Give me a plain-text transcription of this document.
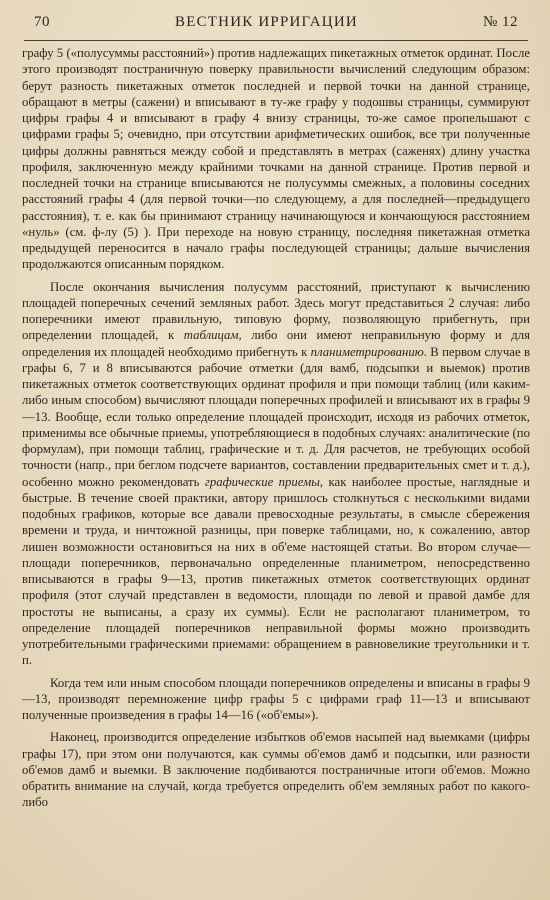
70	ВЕСТНИК ИРРИГАЦИИ	№ 12

графу 5 («полусуммы расстояний») против надлежащих пикетажных отметок ординат. После этого производят постраничную поверку правильности вычислений следующим образом: берут разность пикетажных отметок последней и первой точки на данной странице, обращают в метры (сажени) и вписывают в ту-же графу у подошвы страницы, суммируют цифры графы 4 и вписывают в графу 4 внизу страницы, то-же самое пропельшают с цифрами графы 5; очевидно, при отсутствии арифметических ошибок, все три полученные цифры должны равняться между собой и представлять в метрах (саженях) длину участка профиля, заключенную между крайними точками на данной странице. Против первой и последней точки на странице вписываются не полусуммы смежных, а половины соседних расстояний графы 4 (для первой точки—по следующему, а для последней—предыдущего расстояния), т. е. как бы принимают страницу начинающуюся и кончающуюся расстоянием «нуль» (см. ф-лу (5) ). При переходе на новую страницу, последняя пикетажная отметка предыдущей переносится в начало графы последующей страницы; дальше вычисления продолжаются описанным порядком.

После окончания вычисления полусумм расстояний, приступают к вычислению площадей поперечных сечений земляных работ. Здесь могут представиться 2 случая: либо поперечники имеют правильную, типовую форму, позволяющую прибегнуть, при определении площадей, к таблицам, либо они имеют неправильную форму и для определения их площадей необходимо прибегнуть к планиметрированию. В первом случае в графы 6, 7 и 8 вписываются рабочие отметки (для вамб, подсыпки и выемок) против пикетажных отметок соответствующих ординат профиля и при помощи таблиц (или каким-либо иным способом) вычисляют площади поперечных профилей и вписывают их в графы 9—13. Вообще, если только определение площадей происходит, исходя из рабочих отметок, применимы все обычные приемы, употребляющиеся в подобных случаях: аналитические (по формулам), при помощи таблиц, графические и т. д. Для расчетов, не требующих особой точности (напр., при беглом подсчете вариантов, составлении предварительных смет и т. д.), особенно можно рекомендовать графические приемы, как наиболее простые, наглядные и быстрые. В течение своей практики, автору пришлось столкнуться с несколькими видами подобных графиков, которые все давали превосходные результаты, в смысле сбережения времени и труда, и ничтожной разницы, при поверке таблицами, но, к сожалению, автор лишен возможности остановиться на них в об'еме настоящей статьи. Во втором случае—площади поперечников, первоначально определенные планиметром, непосредственно вписываются в графы 9—13, против пикетажных отметок соответствующих ординат профиля (этот случай представлен в ведомости, площади по левой и правой дамбе для простоты не выписаны, а сразу их суммы). Если не располагают планиметром, то определение площадей поперечников неправильной формы можно производить употребительными графическими приемами: обращением в равновеликие треугольники и т. п.

Когда тем или иным способом площади поперечников определены и вписаны в графы 9—13, производят перемножение цифр графы 5 с цифрами граф 11—13 и вписывают полученные произведения в графы 14—16 («об'емы»).

Наконец, производится определение избытков об'емов насыпей над выемками (цифры графы 17), при этом они получаются, как суммы об'емов дамб и подсыпки, или разности об'емов дамб и выемки. В заключение подбиваются постраничные итоги об'емов. Можно обратить внимание на случай, когда требуется определить об'ем земляных работ по какого-либо
